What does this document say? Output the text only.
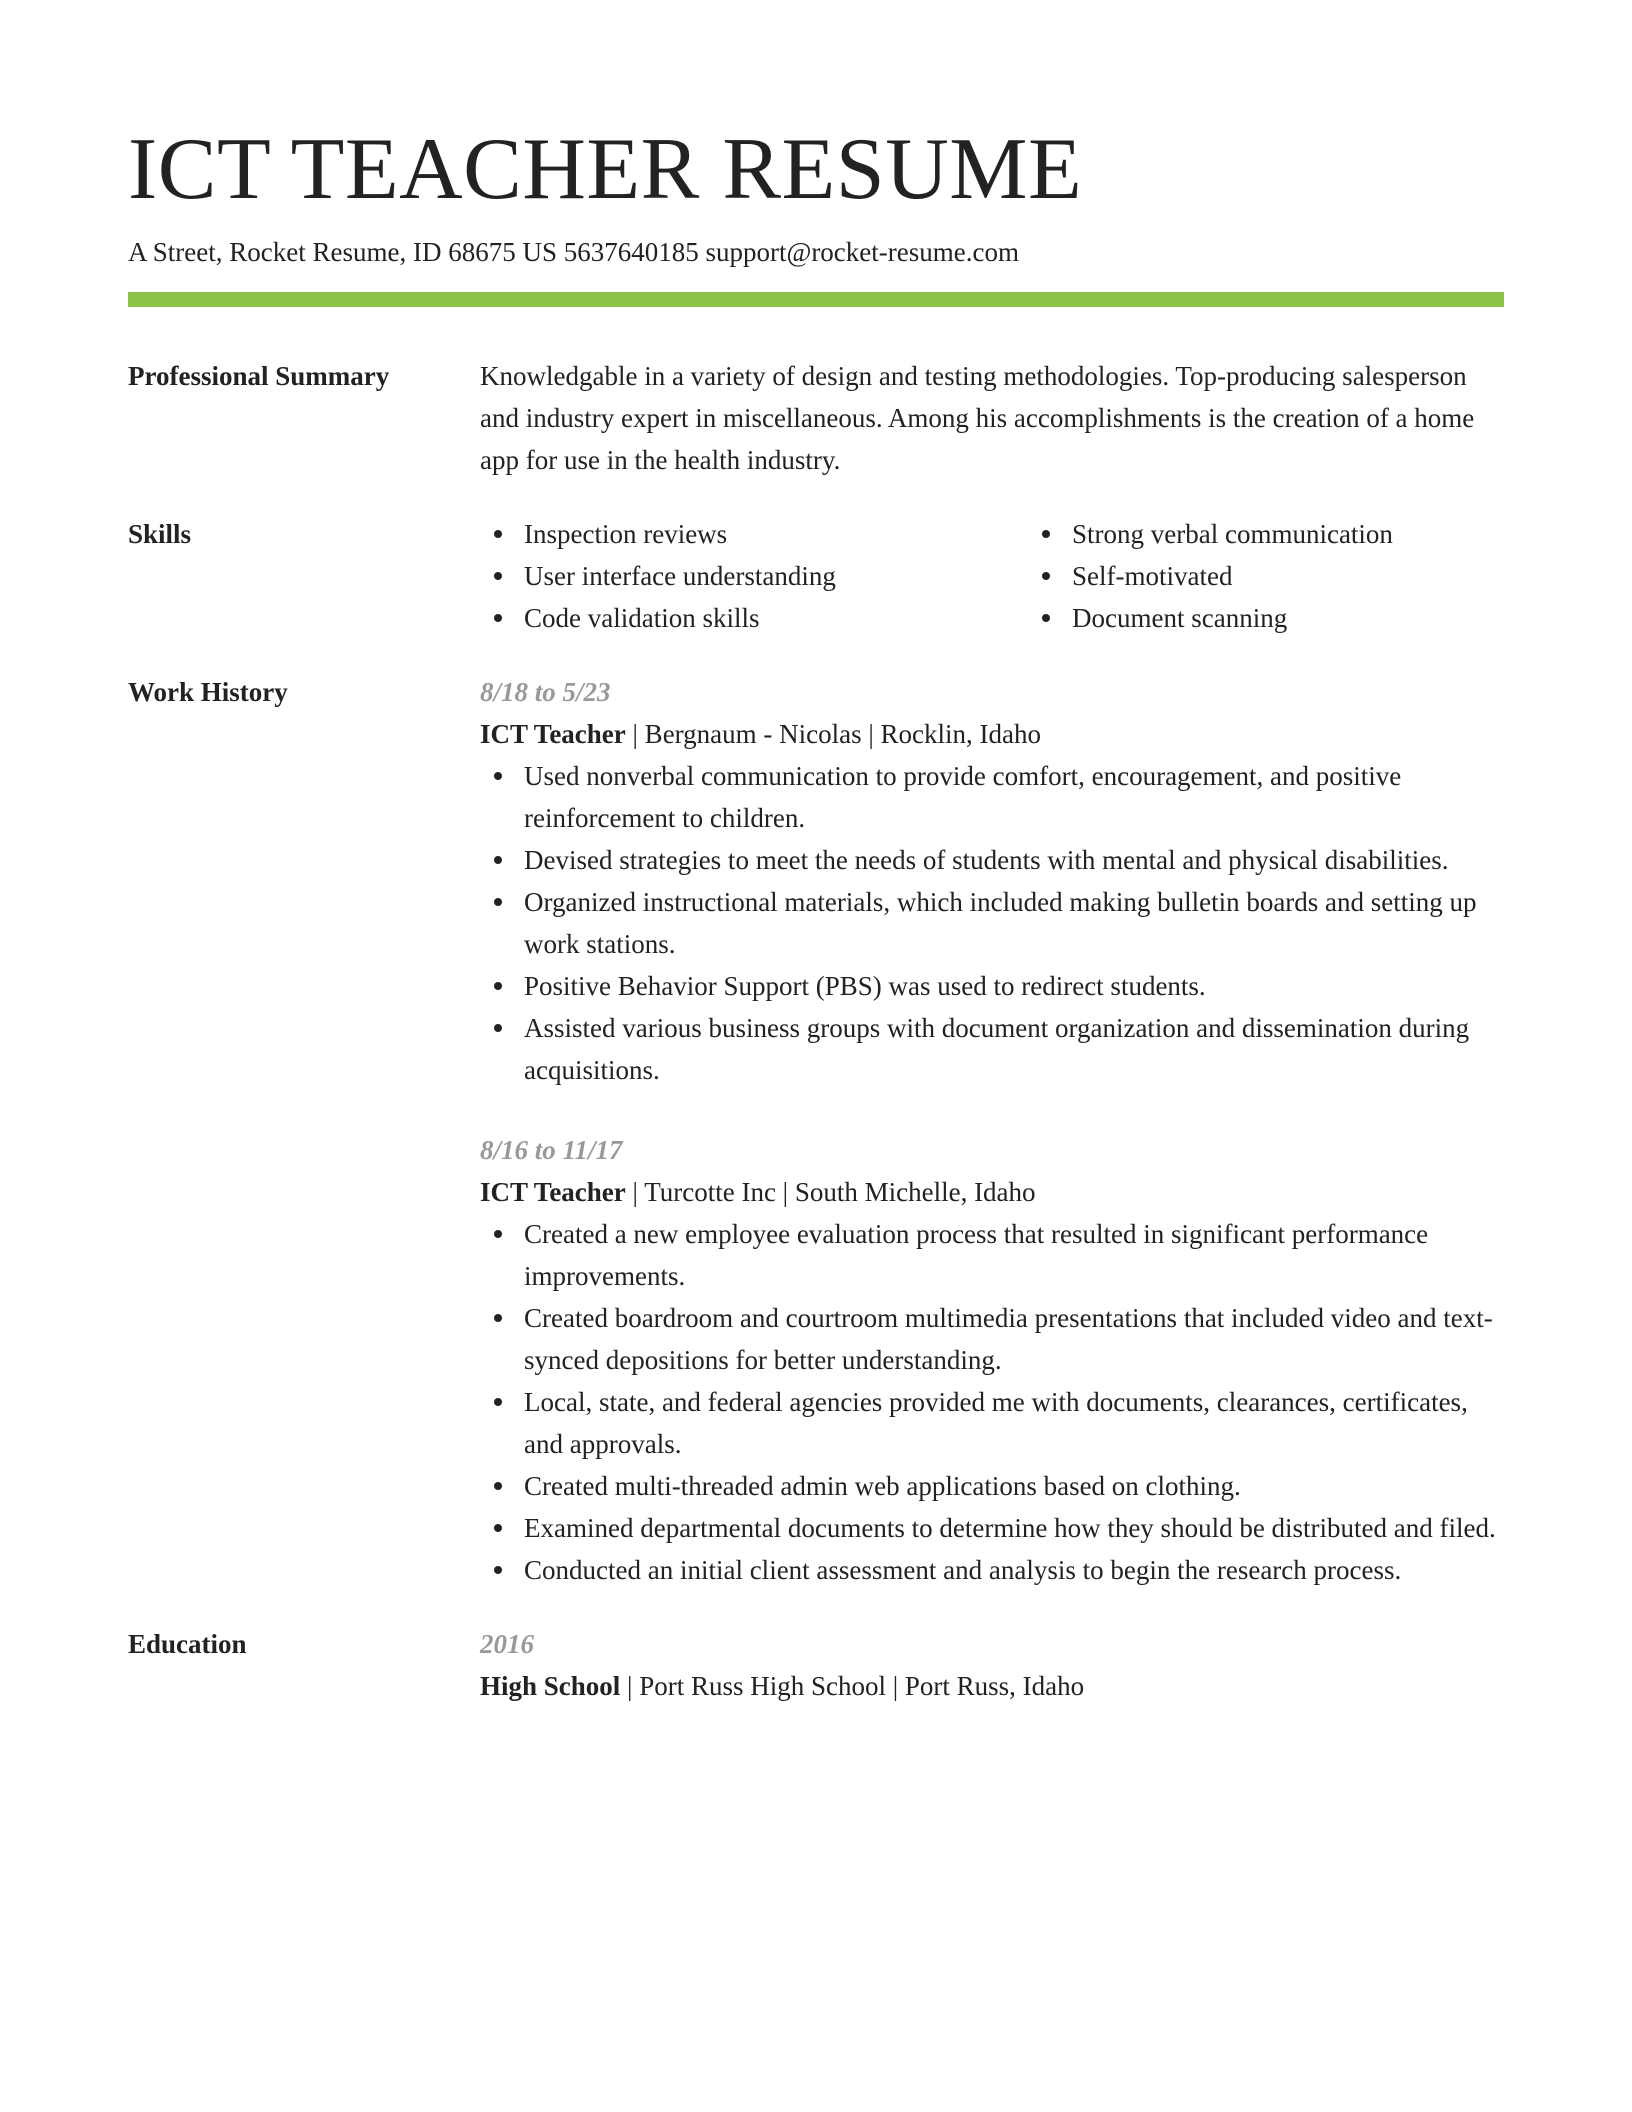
ICT TEACHER RESUME
A Street, Rocket Resume, ID 68675 US 5637640185 support@rocket-resume.com
Professional Summary	Knowledgable in a variety of design and testing methodologies. Top-producing salesperson and industry expert in miscellaneous. Among his accomplishments is the creation of a home app for use in the health industry.
Skills	Inspection reviews
User interface understanding
Code validation skills
Strong verbal communication
Self-motivated
Document scanning
Work History	8/18 to 5/23
ICT Teacher | Bergnaum - Nicolas | Rocklin, Idaho
Used nonverbal communication to provide comfort, encouragement, and positive reinforcement to children.
Devised strategies to meet the needs of students with mental and physical disabilities.
Organized instructional materials, which included making bulletin boards and setting up work stations.
Positive Behavior Support (PBS) was used to redirect students.
Assisted various business groups with document organization and dissemination during acquisitions.
8/16 to 11/17
ICT Teacher | Turcotte Inc | South Michelle, Idaho
Created a new employee evaluation process that resulted in significant performance improvements.
Created boardroom and courtroom multimedia presentations that included video and text-synced depositions for better understanding.
Local, state, and federal agencies provided me with documents, clearances, certificates, and approvals.
Created multi-threaded admin web applications based on clothing.
Examined departmental documents to determine how they should be distributed and filed.
Conducted an initial client assessment and analysis to begin the research process.
Education	2016
High School | Port Russ High School | Port Russ, Idaho
